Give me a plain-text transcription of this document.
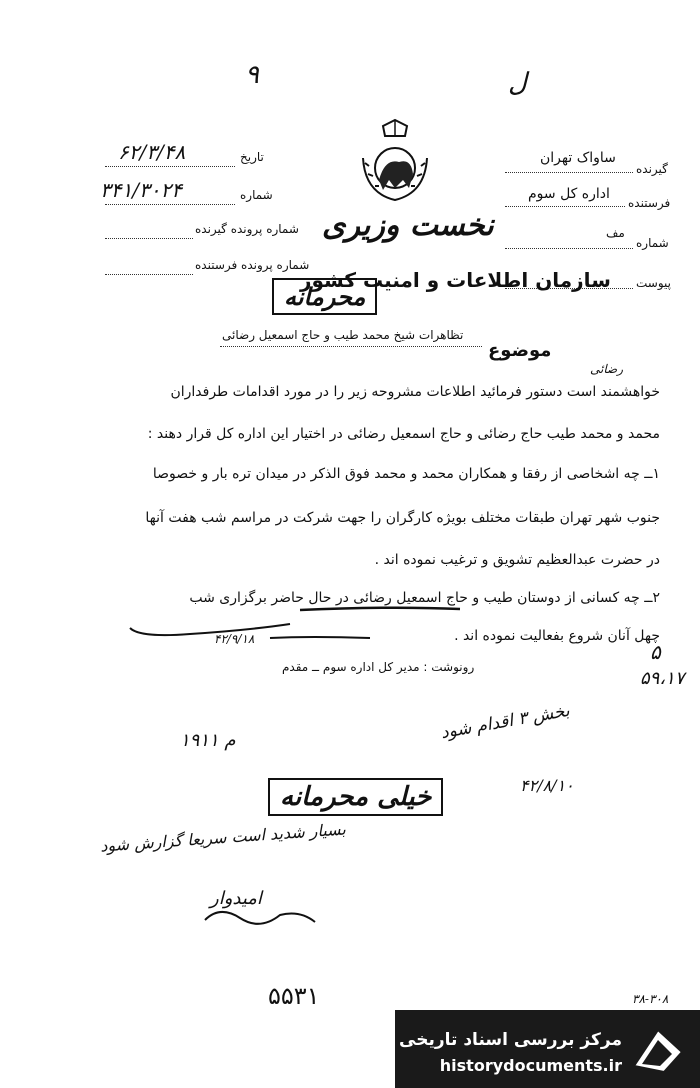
۹	ل
نخست وزیری
تاریخ
۶۲/۳/۴۸
شماره
۳۴۱/۳۰۲۴
شماره پرونده گیرنده
شماره پرونده فرستنده
گیرنده
ساواک تهران
فرستنده
اداره کل سوم
شماره
مف
پیوست
سازمان اطلاعات و امنیت کشور
محرمانه
موضوع
تظاهرات شیخ محمد طیب و حاج اسمعیل رضائی
رضائی
خواهشمند است دستور فرمائید اطلاعات مشروحه زیر را در مورد اقدامات طرفداران
محمد و محمد طیب حاج رضائی و حاج اسمعیل رضائی در اختیار این اداره کل قرار دهند :
۱ــ چه اشخاصی از رفقا و همکاران محمد و محمد فوق الذکر در میدان تره بار و خصوصا
جنوب شهر تهران طبقات مختلف بویژه کارگران را جهت شرکت در مراسم شب هفت آنها
در حضرت عبدالعظیم تشویق و ترغیب نموده اند .
۲ــ چه کسانی از دوستان طیب و حاج اسمعیل رضائی در حال حاضر برگزاری شب
چهل آنان شروع بفعالیت نموده اند .
۴۲/۹/۱۸
رونوشت : مدیر کل اداره سوم ــ مقدم
۵
۵۹،۱۷
بخش ۳ اقدام شود
۴۲/۸/۱۰
م ۱۹۱۱
خیلی محرمانه
بسیار شدید است سریعا گزارش شود
امیدوار
۵۵۳۱	۳۸-۳۰۸
مرکز بررسی اسناد تاریخی
historydocuments.ir
